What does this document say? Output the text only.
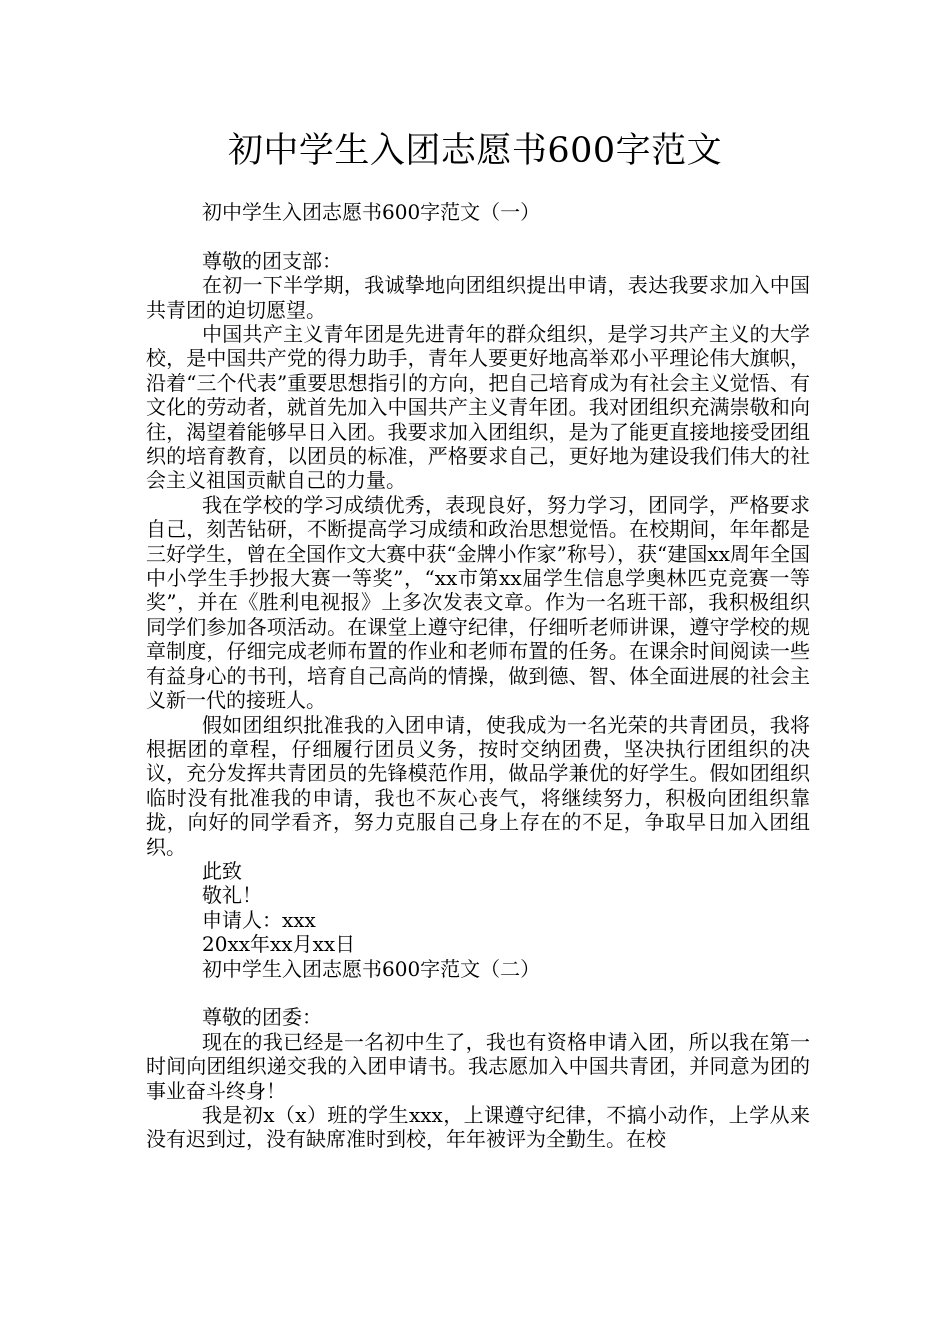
初中学生入团志愿书600字范文

初中学生入团志愿书600字范文（一）

尊敬的团支部：

在初一下半学期，我诚挚地向团组织提出申请，表达我要求加入中国共青团的迫切愿望。

中国共产主义青年团是先进青年的群众组织，是学习共产主义的大学校，是中国共产党的得力助手，青年人要更好地高举邓小平理论伟大旗帜，沿着“三个代表”重要思想指引的方向，把自己培育成为有社会主义觉悟、有文化的劳动者，就首先加入中国共产主义青年团。我对团组织充满崇敬和向往，渴望着能够早日入团。我要求加入团组织，是为了能更直接地接受团组织的培育教育，以团员的标准，严格要求自己，更好地为建设我们伟大的社会主义祖国贡献自己的力量。

我在学校的学习成绩优秀，表现良好，努力学习，团同学，严格要求自己，刻苦钻研，不断提高学习成绩和政治思想觉悟。在校期间，年年都是三好学生，曾在全国作文大赛中获“金牌小作家”称号），获“建国xx周年全国中小学生手抄报大赛一等奖”，“xx市第xx届学生信息学奥林匹克竞赛一等奖”，并在《胜利电视报》上多次发表文章。作为一名班干部，我积极组织同学们参加各项活动。在课堂上遵守纪律，仔细听老师讲课，遵守学校的规章制度，仔细完成老师布置的作业和老师布置的任务。在课余时间阅读一些有益身心的书刊，培育自己高尚的情操，做到德、智、体全面进展的社会主义新一代的接班人。

假如团组织批准我的入团申请，使我成为一名光荣的共青团员，我将根据团的章程，仔细履行团员义务，按时交纳团费，坚决执行团组织的决议，充分发挥共青团员的先锋模范作用，做品学兼优的好学生。假如团组织临时没有批准我的申请，我也不灰心丧气，将继续努力，积极向团组织靠拢，向好的同学看齐，努力克服自己身上存在的不足，争取早日加入团组织。

此致

敬礼！

申请人：xxx

20xx年xx月xx日

初中学生入团志愿书600字范文（二）

尊敬的团委：

现在的我已经是一名初中生了，我也有资格申请入团，所以我在第一时间向团组织递交我的入团申请书。我志愿加入中国共青团，并同意为团的事业奋斗终身！

我是初x（x）班的学生xxx，上课遵守纪律，不搞小动作，上学从来没有迟到过，没有缺席准时到校，年年被评为全勤生。在校
